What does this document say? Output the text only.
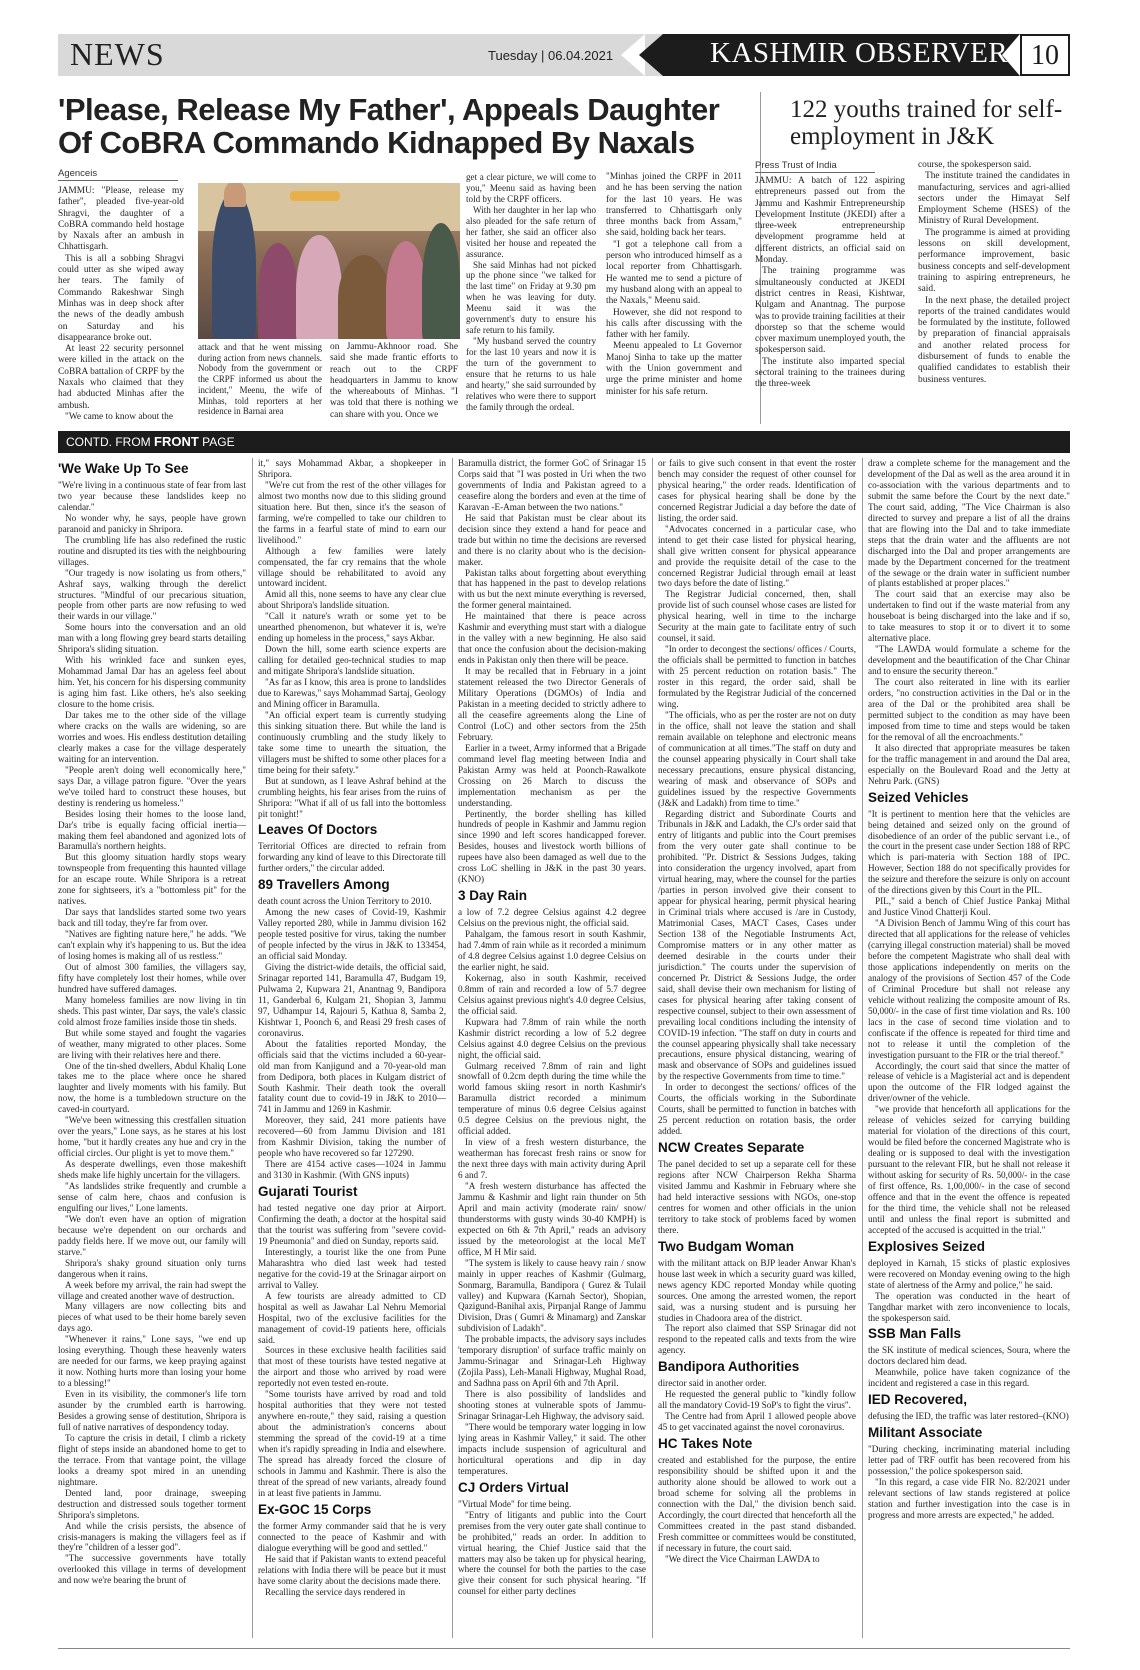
NEWS	Tuesday | 06.04.2021	KASHMIR OBSERVER 10
'Please, Release My Father', Appeals Daughter Of CoBRA Commando Kidnapped By Naxals
Agenceis

JAMMU: "Please, release my father", pleaded five-year-old Shragvi, the daughter of a CoBRA commando held hostage by Naxals after an ambush in Chhattisgarh.

This is all a sobbing Shragvi could utter as she wiped away her tears. The family of Commando Rakeshwar Singh Minhas was in deep shock after the news of the deadly ambush on Saturday and his disappearance broke out.

At least 22 security personnel were killed in the attack on the CoBRA battalion of CRPF by the Naxals who claimed that they had abducted Minhas after the ambush.

"We came to know about the

attack and that he went missing during action from news channels. Nobody from the government or the CRPF informed us about the incident," Meenu, the wife of Minhas, told reporters at her residence in Barnai area

on Jammu-Akhnoor road. She said she made frantic efforts to reach out to the CRPF headquarters in Jammu to know the whereabouts of Minhas. "I was told that there is nothing we can share with you. Once we

get a clear picture, we will come to you," Meenu said as having been told by the CRPF officers.

With her daughter in her lap who also pleaded for the safe return of her father, she said an officer also visited her house and repeated the assurance.

She said Minhas had not picked up the phone since "we talked for the last time" on Friday at 9.30 pm when he was leaving for duty. Meenu said it was the government's duty to ensure his safe return to his family.

"My husband served the country for the last 10 years and now it is the turn of the government to ensure that he returns to us hale and hearty," she said surrounded by relatives who were there to support the family through the ordeal.

"Minhas joined the CRPF in 2011 and he has been serving the nation for the last 10 years. He was transferred to Chhattisgarh only three months back from Assam," she said, holding back her tears.

"I got a telephone call from a person who introduced himself as a local reporter from Chhattisgarh. He wanted me to send a picture of my husband along with an appeal to the Naxals," Meenu said.

However, she did not respond to his calls after discussing with the father with her family.

Meenu appealed to Lt Governor Manoj Sinha to take up the matter with the Union government and urge the prime minister and home minister for his safe return.

122 youths trained for self-employment in J&K
Press Trust of India

JAMMU: A batch of 122 aspiring entrepreneurs passed out from the Jammu and Kashmir Entrepreneurship Development Institute (JKEDI) after a three-week entrepreneurship development programme held at different districts, an official said on Monday.

The training programme was simultaneously conducted at JKEDI district centres in Reasi, Kishtwar, Kulgam and Anantnag. The purpose was to provide training facilities at their doorstep so that the scheme would cover maximum unemployed youth, the spokesperson said.

The institute also imparted special sectoral training to the trainees during the three-week

course, the spokesperson said.

The institute trained the candidates in manufacturing, services and agri-allied sectors under the Himayat Self Employment Scheme (HSES) of the Ministry of Rural Development.

The programme is aimed at providing lessons on skill development, performance improvement, basic business concepts and self-development training to aspiring entrepreneurs, he said.

In the next phase, the detailed project reports of the trained candidates would be formulated by the institute, followed by preparation of financial appraisals and another related process for disbursement of funds to enable the qualified candidates to establish their business ventures.

CONTD. FROM FRONT PAGE
'We Wake Up To See

"We're living in a continuous state of fear from last two year because these landslides keep no calendar."

No wonder why, he says, people have grown paranoid and panicky in Shripora.

The crumbling life has also redefined the rustic routine and disrupted its ties with the neighbouring villages.

"Our tragedy is now isolating us from others," Ashraf says, walking through the derelict structures. "Mindful of our precarious situation, people from other parts are now refusing to wed their wards in our village."

Some hours into the conversation and an old man with a long flowing grey beard starts detailing Shripora's sliding situation.

With his wrinkled face and sunken eyes, Mohammad Jamal Dar has an ageless feel about him. Yet, his concern for his dispersing community is aging him fast. Like others, he's also seeking closure to the home crisis.

Dar takes me to the other side of the village where cracks on the walls are widening, so are worries and woes. His endless destitution detailing clearly makes a case for the village desperately waiting for an intervention.

"People aren't doing well economically here," says Dar, a village patron figure. "Over the years we've toiled hard to construct these houses, but destiny is rendering us homeless."

Besides losing their homes to the loose land, Dar's tribe is equally facing official inertia—making them feel abandoned and agonized lots of Baramulla's northern heights.

But this gloomy situation hardly stops weary townspeople from frequenting this haunted village for an escape route. While Shripora is a retreat zone for sightseers, it's a "bottomless pit" for the natives.

Dar says that landslides started some two years back and till today, they're far from over.

"Natives are fighting nature here," he adds. "We can't explain why it's happening to us. But the idea of losing homes is making all of us restless."

Out of almost 300 families, the villagers say, fifty have completely lost their homes, while over hundred have suffered damages.

Many homeless families are now living in tin sheds. This past winter, Dar says, the vale's classic cold almost froze families inside those tin sheds.

But while some stayed and fought the vagaries of weather, many migrated to other places. Some are living with their relatives here and there.

One of the tin-shed dwellers, Abdul Khaliq Lone takes me to the place where once he shared laughter and lively moments with his family. But now, the home is a tumbledown structure on the caved-in courtyard.

"We've been witnessing this crestfallen situation over the years," Lone says, as he stares at his lost home, "but it hardly creates any hue and cry in the official circles. Our plight is yet to move them."

As desperate dwellings, even those makeshift sheds make life highly uncertain for the villagers.

"As landslides strike frequently and crumble a sense of calm here, chaos and confusion is engulfing our lives," Lone laments.

"We don't even have an option of migration because we're dependent on our orchards and paddy fields here. If we move out, our family will starve."

Shripora's shaky ground situation only turns dangerous when it rains.

A week before my arrival, the rain had swept the village and created another wave of destruction.

Many villagers are now collecting bits and pieces of what used to be their home barely seven days ago.

"Whenever it rains," Lone says, "we end up losing everything. Though these heavenly waters are needed for our farms, we keep praying against it now. Nothing hurts more than losing your home to a blessing!"

Even in its visibility, the commoner's life torn asunder by the crumbled earth is harrowing. Besides a growing sense of destitution, Shripora is full of native narratives of despondency today.

To capture the crisis in detail, I climb a rickety flight of steps inside an abandoned home to get to the terrace. From that vantage point, the village looks a dreamy spot mired in an unending nightmare.

Dented land, poor drainage, sweeping destruction and distressed souls together torment Shripora's simpletons.

And while the crisis persists, the absence of crisis-managers is making the villagers feel as if they're "children of a lesser god".

"The successive governments have totally overlooked this village in terms of development and now we're bearing the brunt of

it," says Mohammad Akbar, a shopkeeper in Shripora.

"We're cut from the rest of the other villages for almost two months now due to this sliding ground situation here. But then, since it's the season of farming, we're compelled to take our children to the farms in a fearful state of mind to earn our livelihood."

Although a few families were lately compensated, the far cry remains that the whole village should be rehabilitated to avoid any untoward incident.

Amid all this, none seems to have any clear clue about Shripora's landslide situation.

"Call it nature's wrath or some yet to be unearthed phenomenon, but whatever it is, we're ending up homeless in the process," says Akbar.

Down the hill, some earth science experts are calling for detailed geo-technical studies to map and mitigate Shripora's landslide situation.

"As far as I know, this area is prone to landslides due to Karewas," says Mohammad Sartaj, Geology and Mining officer in Baramulla.

"An official expert team is currently studying this sinking situation there. But while the land is continuously crumbling and the study likely to take some time to unearth the situation, the villagers must be shifted to some other places for a time being for their safety."

But at sundown, as I leave Ashraf behind at the crumbling heights, his fear arises from the ruins of Shripora: "What if all of us fall into the bottomless pit tonight!"

Leaves Of Doctors

Territorial Offices are directed to refrain from forwarding any kind of leave to this Directorate till further orders," the circular added.

89 Travellers Among

death count across the Union Territory to 2010.

Among the new cases of Covid-19, Kashmir Valley reported 280, while in Jammu division 162 people tested positive for virus, taking the number of people infected by the virus in J&K to 133454, an official said Monday.

Giving the district-wide details, the official said, Srinagar reported 141, Baramulla 47, Budgam 19, Pulwama 2, Kupwara 21, Anantnag 9, Bandipora 11, Ganderbal 6, Kulgam 21, Shopian 3, Jammu 97, Udhampur 14, Rajouri 5, Kathua 8, Samba 2, Kishtwar 1, Poonch 6, and Reasi 29 fresh cases of coronavirus.

About the fatalities reported Monday, the officials said that the victims included a 60-year-old man from Kanjigund and a 70-year-old man from Dedipora, both places in Kulgam district of South Kashmir. Their death took the overall fatality count due to covid-19 in J&K to 2010—741 in Jammu and 1269 in Kashmir.

Moreover, they said, 241 more patients have recovered—60 from Jammu Division and 181 from Kashmir Division, taking the number of people who have recovered so far 127290.

There are 4154 active cases—1024 in Jammu and 3130 in Kashmir. (With GNS inputs)

Gujarati Tourist

had tested negative one day prior at Airport. Confirming the death, a doctor at the hospital said that the tourist was suffering from "severe covid-19 Pneumonia" and died on Sunday, reports said.

Interestingly, a tourist like the one from Pune Maharashtra who died last week had tested negative for the covid-19 at the Srinagar airport on arrival to Valley.

A few tourists are already admitted to CD hospital as well as Jawahar Lal Nehru Memorial Hospital, two of the exclusive facilities for the management of covid-19 patients here, officials said.

Sources in these exclusive health facilities said that most of these tourists have tested negative at the airport and those who arrived by road were reportedly not even tested en-route.

"Some tourists have arrived by road and told hospital authorities that they were not tested anywhere en-route," they said, raising a question about the administration's concerns about stemming the spread of the covid-19 at a time when it's rapidly spreading in India and elsewhere. The spread has already forced the closure of schools in Jammu and Kashmir. There is also the threat of the spread of new variants, already found in at least five patients in Jammu.

Ex-GOC 15 Corps

the former Army commander said that he is very connected to the peace of Kashmir and with dialogue everything will be good and settled."

He said that if Pakistan wants to extend peaceful relations with India there will be peace but it must have some clarity about the decisions made there.

Recalling the service days rendered in

Baramulla district, the former GoC of Srinagar 15 Corps said that "I was posted in Uri when the two governments of India and Pakistan agreed to a ceasefire along the borders and even at the time of Karavan -E-Aman between the two nations."

He said that Pakistan must be clear about its decision since they extend a hand for peace and trade but within no time the decisions are reversed and there is no clarity about who is the decision-maker.

Pakistan talks about forgetting about everything that has happened in the past to develop relations with us but the next minute everything is reversed, the former general maintained.

He maintained that there is peace across Kashmir and everything must start with a dialogue in the valley with a new beginning. He also said that once the confusion about the decision-making ends in Pakistan only then there will be peace.

It may be recalled that in February in a joint statement released the two Director Generals of Military Operations (DGMOs) of India and Pakistan in a meeting decided to strictly adhere to all the ceasefire agreements along the Line of Control (LoC) and other sectors from the 25th February.

Earlier in a tweet, Army informed that a Brigade command level flag meeting between India and Pakistan Army was held at Poonch-Rawalkote Crossing on 26 March to discuss the implementation mechanism as per the understanding.

Pertinently, the border shelling has killed hundreds of people in Kashmir and Jammu region since 1990 and left scores handicapped forever. Besides, houses and livestock worth billions of rupees have also been damaged as well due to the cross LoC shelling in J&K in the past 30 years. (KNO)

3 Day Rain

a low of 7.2 degree Celsius against 4.2 degree Celsius on the previous night, the official said.

Pahalgam, the famous resort in south Kashmir, had 7.4mm of rain while as it recorded a minimum of 4.8 degree Celsius against 1.0 degree Celsius on the earlier night, he said.

Kokernag, also in south Kashmir, received 0.8mm of rain and recorded a low of 5.7 degree Celsius against previous night's 4.0 degree Celsius, the official said.

Kupwara had 7.8mm of rain while the north Kashmir district recording a low of 5.2 degree Celsius against 4.0 degree Celsius on the previous night, the official said.

Gulmarg received 7.8mm of rain and light snowfall of 0.2cm depth during the time while the world famous skiing resort in north Kashmir's Baramulla district recorded a minimum temperature of minus 0.6 degree Celsius against 0.5 degree Celsius on the previous night, the official added.

In view of a fresh western disturbance, the weatherman has forecast fresh rains or snow for the next three days with main activity during April 6 and 7.

"A fresh western disturbance has affected the Jammu & Kashmir and light rain thunder on 5th April and main activity (moderate rain/ snow/ thunderstorms with gusty winds 30-40 KMPH) is expected on 6th & 7th April," reads an advisory issued by the meteorologist at the local MeT office, M H Mir said.

"The system is likely to cause heavy rain / snow mainly in upper reaches of Kashmir (Gulmarg, Sonmarg, Baramulla, Bandipora ( Gurez & Tulail valley) and Kupwara (Karnah Sector), Shopian, Qazigund-Banihal axis, Pirpanjal Range of Jammu Division, Dras ( Gumri & Minamarg) and Zanskar subdivision of Ladakh".

The probable impacts, the advisory says includes 'temporary disruption' of surface traffic mainly on Jammu-Srinagar and Srinagar-Leh Highway (Zojila Pass), Leh-Manali Highway, Mughal Road, and Sadhna pass on April 6th and 7th April.

There is also possibility of landslides and shooting stones at vulnerable spots of Jammu-Srinagar Srinagar-Leh Highway, the advisory said.

"There would be temporary water logging in low lying areas in Kashmir Valley," it said. The other impacts include suspension of agricultural and horticultural operations and dip in day temperatures.

CJ Orders Virtual

"Virtual Mode" for time being.

"Entry of litigants and public into the Court premises from the very outer gate shall continue to be prohibited," reads an order. In addition to virtual hearing, the Chief Justice said that the matters may also be taken up for physical hearing, where the counsel for both the parties to the case give their consent for such physical hearing. "If counsel for either party declines

or fails to give such consent in that event the roster bench may consider the request of other counsel for physical hearing," the order reads. Identification of cases for physical hearing shall be done by the concerned Registrar Judicial a day before the date of listing, the order said.

"Advocates concerned in a particular case, who intend to get their case listed for physical hearing, shall give written consent for physical appearance and provide the requisite detail of the case to the concerned Registrar Judicial through email at least two days before the date of listing."

The Registrar Judicial concerned, then, shall provide list of such counsel whose cases are listed for physical hearing, well in time to the incharge Security at the main gate to facilitate entry of such counsel, it said.

"In order to decongest the sections/ offices / Courts, the officials shall be permitted to function in batches with 25 percent reduction on rotation basis." The roster in this regard, the order said, shall be formulated by the Registrar Judicial of the concerned wing.

"The officials, who as per the roster are not on duty in the office, shall not leave the station and shall remain available on telephone and electronic means of communication at all times."The staff on duty and the counsel appearing physically in Court shall take necessary precautions, ensure physical distancing, wearing of mask and observance of SOPs and guidelines issued by the respective Governments (J&K and Ladakh) from time to time."

Regarding district and Subordinate Courts and Tribunals in J&K and Ladakh, the CJ's order said that entry of litigants and public into the Court premises from the very outer gate shall continue to be prohibited. "Pr. District & Sessions Judges, taking into consideration the urgency involved, apart from virtual hearing, may, where the counsel for the parties /parties in person involved give their consent to appear for physical hearing, permit physical hearing in Criminal trials where accused is /are in Custody, Matrimonial Cases, MACT Cases, Cases under Section 138 of the Negotiable Instruments Act, Compromise matters or in any other matter as deemed desirable in the courts under their jurisdiction." The courts under the supervision of concerned Pr. District & Sessions Judge, the order said, shall devise their own mechanism for listing of cases for physical hearing after taking consent of respective counsel, subject to their own assessment of prevailing local conditions including the intensity of COVID-19 infection. "The staff on duty in courts and the counsel appearing physically shall take necessary precautions, ensure physical distancing, wearing of mask and observance of SOPs and guidelines issued by the respective Governments from time to time."

In order to decongest the sections/ offices of the Courts, the officials working in the Subordinate Courts, shall be permitted to function in batches with 25 percent reduction on rotation basis, the order added.

NCW Creates Separate

The panel decided to set up a separate cell for these regions after NCW Chairperson Rekha Sharma visited Jammu and Kashmir in February where she had held interactive sessions with NGOs, one-stop centres for women and other officials in the union territory to take stock of problems faced by women there.

Two Budgam Woman

with the militant attack on BJP leader Anwar Khan's house last week in which a security guard was killed, news agency KDC reported Monday while quoting sources. One among the arrested women, the report said, was a nursing student and is pursuing her studies in Chadoora area of the district.

The report also claimed that SSP Srinagar did not respond to the repeated calls and texts from the wire agency.

Bandipora Authorities

director said in another order.

He requested the general public to "kindly follow all the mandatory Covid-19 SoP's to fight the virus".

The Centre had from April 1 allowed people above 45 to get vaccinated against the novel coronavirus.

HC Takes Note

created and established for the purpose, the entire responsibility should be shifted upon it and the authority alone should be allowed to work out a broad scheme for solving all the problems in connection with the Dal," the division bench said. Accordingly, the court directed that henceforth all the Committees created in the past stand disbanded. Fresh committee or committees would be constituted, if necessary in future, the court said.

"We direct the Vice Chairman LAWDA to

draw a complete scheme for the management and the development of the Dal as well as the area around it in co-association with the various departments and to submit the same before the Court by the next date." The court said, adding, "The Vice Chairman is also directed to survey and prepare a list of all the drains that are flowing into the Dal and to take immediate steps that the drain water and the affluents are not discharged into the Dal and proper arrangements are made by the Department concerned for the treatment of the sewage or the drain water in sufficient number of plants established at proper places."

The court said that an exercise may also be undertaken to find out if the waste material from any houseboat is being discharged into the lake and if so, to take measures to stop it or to divert it to some alternative place.

"The LAWDA would formulate a scheme for the development and the beautification of the Char Chinar and to ensure the security thereon."

The court also reiterated in line with its earlier orders, "no construction activities in the Dal or in the area of the Dal or the prohibited area shall be permitted subject to the condition as may have been imposed from time to time and steps would be taken for the removal of all the encroachments."

It also directed that appropriate measures be taken for the traffic management in and around the Dal area, especially on the Boulevard Road and the Jetty at Nehru Park. (GNS)

Seized Vehicles

"It is pertinent to mention here that the vehicles are being detained and seized only on the ground of disobedience of an order of the public servant i.e., of the court in the present case under Section 188 of RPC which is pari-materia with Section 188 of IPC. However, Section 188 do not specifically provides for the seizure and therefore the seizure is only on account of the directions given by this Court in the PIL.

PIL," said a bench of Chief Justice Pankaj Mithal and Justice Vinod Chatterji Koul.

"A Division Bench of Jammu Wing of this court has directed that all applications for the release of vehicles (carrying illegal construction material) shall be moved before the competent Magistrate who shall deal with those applications independently on merits on the analogy of the provisions of Section 457 of the Code of Criminal Procedure but shall not release any vehicle without realizing the composite amount of Rs. 50,000/- in the case of first time violation and Rs. 100 lacs in the case of second time violation and to confiscate if the offence is repeated for third time and not to release it until the completion of the investigation pursuant to the FIR or the trial thereof."

Accordingly, the court said that since the matter of release of vehicle is a Magisterial act and is dependent upon the outcome of the FIR lodged against the driver/owner of the vehicle.

"we provide that henceforth all applications for the release of vehicles seized for carrying building material for violation of the directions of this court, would be filed before the concerned Magistrate who is dealing or is supposed to deal with the investigation pursuant to the relevant FIR, but he shall not release it without asking for security of Rs. 50,000/- in the case of first offence, Rs. 1,00,000/- in the case of second offence and that in the event the offence is repeated for the third time, the vehicle shall not be released until and unless the final report is submitted and accepted of the accused is acquitted in the trial."

Explosives Seized

deployed in Karnah, 15 sticks of plastic explosives were recovered on Monday evening owing to the high state of alertness of the Army and police," he said.

The operation was conducted in the heart of Tangdhar market with zero inconvenience to locals, the spokesperson said.

SSB Man Falls

the SK institute of medical sciences, Soura, where the doctors declared him dead.

Meanwhile, police have taken cognizance of the incident and registered a case in this regard.

IED Recovered,

defusing the IED, the traffic was later restored–(KNO)

Militant Associate

"During checking, incriminating material including letter pad of TRF outfit has been recovered from his possession," the police spokesperson said.

"In this regard, a case vide FIR No. 82/2021 under relevant sections of law stands registered at police station and further investigation into the case is in progress and more arrests are expected," he added.
